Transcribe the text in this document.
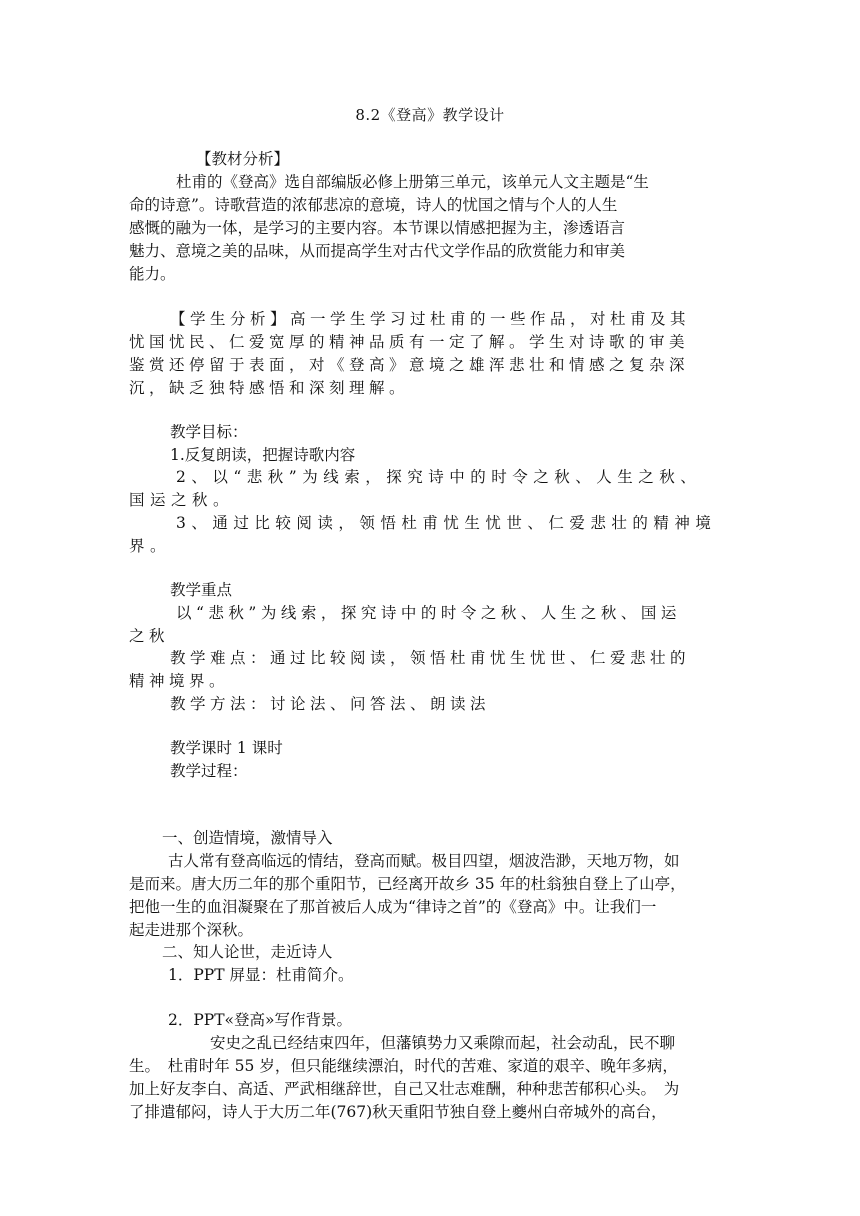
8.2《登高》教学设计
【教材分析】
杜甫的《登高》选自部编版必修上册第三单元，该单元人文主题是“生
命的诗意”。诗歌营造的浓郁悲凉的意境，诗人的忧国之情与个人的人生
感慨的融为一体，是学习的主要内容。本节课以情感把握为主，渗透语言
魅力、意境之美的品味，从而提高学生对古代文学作品的欣赏能力和审美
能力。
【学生分析】高一学生学习过杜甫的一些作品，对杜甫及其
忧国忧民、仁爱宽厚的精神品质有一定了解。学生对诗歌的审美
鉴赏还停留于表面，对《登高》意境之雄浑悲壮和情感之复杂深
沉，缺乏独特感悟和深刻理解。
教学目标：
1.反复朗读，把握诗歌内容
2、以“悲秋”为线索，探究诗中的时令之秋、人生之秋、
国运之秋。
3、通过比较阅读，领悟杜甫忧生忧世、仁爱悲壮的精神境
界。
教学重点
以“悲秋”为线索，探究诗中的时令之秋、人生之秋、国运
之秋
教学难点：通过比较阅读，领悟杜甫忧生忧世、仁爱悲壮的
精神境界。
教学方法：讨论法、问答法、朗读法
教学课时 1 课时
教学过程：
一、创造情境，激情导入
古人常有登高临远的情结，登高而赋。极目四望，烟波浩渺，天地万物，如
是而来。唐大历二年的那个重阳节，已经离开故乡 35 年的杜翁独自登上了山亭，
把他一生的血泪凝聚在了那首被后人成为“律诗之首”的《登高》中。让我们一
起走进那个深秋。
二、知人论世，走近诗人
1．PPT 屏显：杜甫简介。
2．PPT«登高»写作背景。
安史之乱已经结束四年，但藩镇势力又乘隙而起，社会动乱，民不聊
生。　杜甫时年 55 岁，但只能继续漂泊，时代的苦难、家道的艰辛、晚年多病，
加上好友李白、高适、严武相继辞世，自己又壮志难酬，种种悲苦郁积心头。　为
了排遣郁闷，诗人于大历二年(767)秋天重阳节独自登上夔州白帝城外的高台，
